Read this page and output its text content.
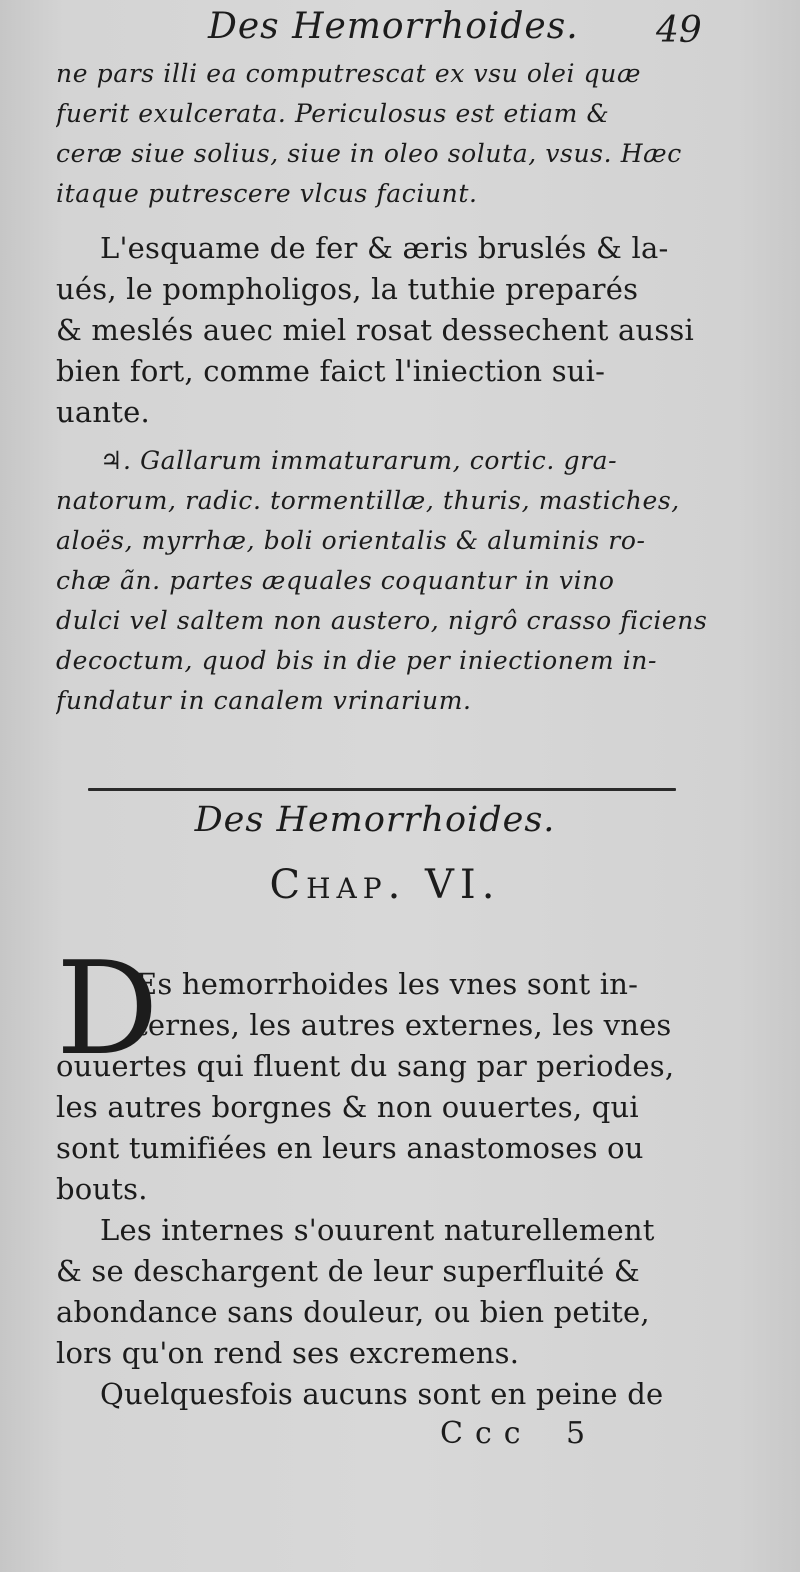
Des Hemorrhoides. 49
ne pars illi ea computrescat ex vsu olei quæ
fuerit exulcerata. Periculosus est etiam &
ceræ siue solius, siue in oleo soluta, vsus. Hæc
itaque putrescere vlcus faciunt.
L'esquame de fer & æris bruslés & la-
ués, le pompholigos, la tuthie preparés
& meslés auec miel rosat dessechent aussi
bien fort, comme faict l'iniection sui-
uante.
♃. Gallarum immaturarum, cortic. gra-
natorum, radic. tormentillæ, thuris, mastiches,
aloës, myrrhæ, boli orientalis & aluminis ro-
chæ ãn. partes æquales coquantur in vino
dulci vel saltem non austero, nigrô crasso ficiens
decoctum, quod bis in die per iniectionem in-
fundatur in canalem vrinarium.
Des Hemorrhoides.
Chap. VI.
D
Es hemorrhoides les vnes sont in-
ternes, les autres externes, les vnes
ouuertes qui fluent du sang par periodes,
les autres borgnes & non ouuertes, qui
sont tumifiées en leurs anastomoses ou
bouts.
Les internes s'ouurent naturellement
& se deschargent de leur superfluité &
abondance sans douleur, ou bien petite,
lors qu'on rend ses excremens.
Quelquesfois aucuns sont en peine de
Ccc 5
